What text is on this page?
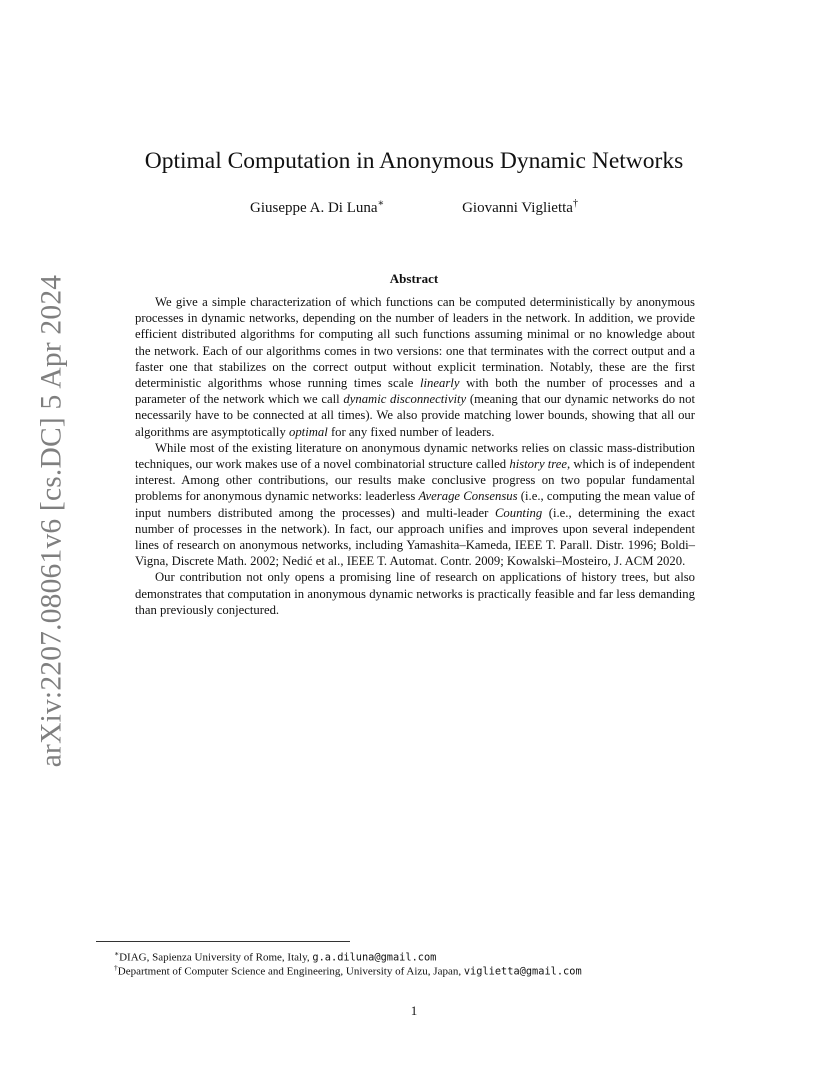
arXiv:2207.08061v6 [cs.DC] 5 Apr 2024
Optimal Computation in Anonymous Dynamic Networks
Giuseppe A. Di Luna∗	Giovanni Viglietta†
Abstract

We give a simple characterization of which functions can be computed deterministically by anonymous processes in dynamic networks, depending on the number of leaders in the network. In addition, we provide efficient distributed algorithms for computing all such functions assuming minimal or no knowledge about the network. Each of our algorithms comes in two versions: one that terminates with the correct output and a faster one that stabilizes on the correct output without explicit termination. Notably, these are the first deterministic algorithms whose running times scale linearly with both the number of processes and a parameter of the network which we call dynamic disconnectivity (meaning that our dynamic networks do not necessarily have to be connected at all times). We also provide matching lower bounds, showing that all our algorithms are asymptotically optimal for any fixed number of leaders.

While most of the existing literature on anonymous dynamic networks relies on classic mass-distribution techniques, our work makes use of a novel combinatorial structure called history tree, which is of independent interest. Among other contributions, our results make conclusive progress on two popular fundamental problems for anonymous dynamic networks: leaderless Average Consensus (i.e., computing the mean value of input numbers distributed among the processes) and multi-leader Counting (i.e., determining the exact number of processes in the network). In fact, our approach unifies and improves upon several independent lines of research on anonymous networks, including Yamashita–Kameda, IEEE T. Parall. Distr. 1996; Boldi–Vigna, Discrete Math. 2002; Nedić et al., IEEE T. Automat. Contr. 2009; Kowalski–Mosteiro, J. ACM 2020.

Our contribution not only opens a promising line of research on applications of history trees, but also demonstrates that computation in anonymous dynamic networks is practically feasible and far less demanding than previously conjectured.

∗DIAG, Sapienza University of Rome, Italy, g.a.diluna@gmail.com
†Department of Computer Science and Engineering, University of Aizu, Japan, viglietta@gmail.com
1
